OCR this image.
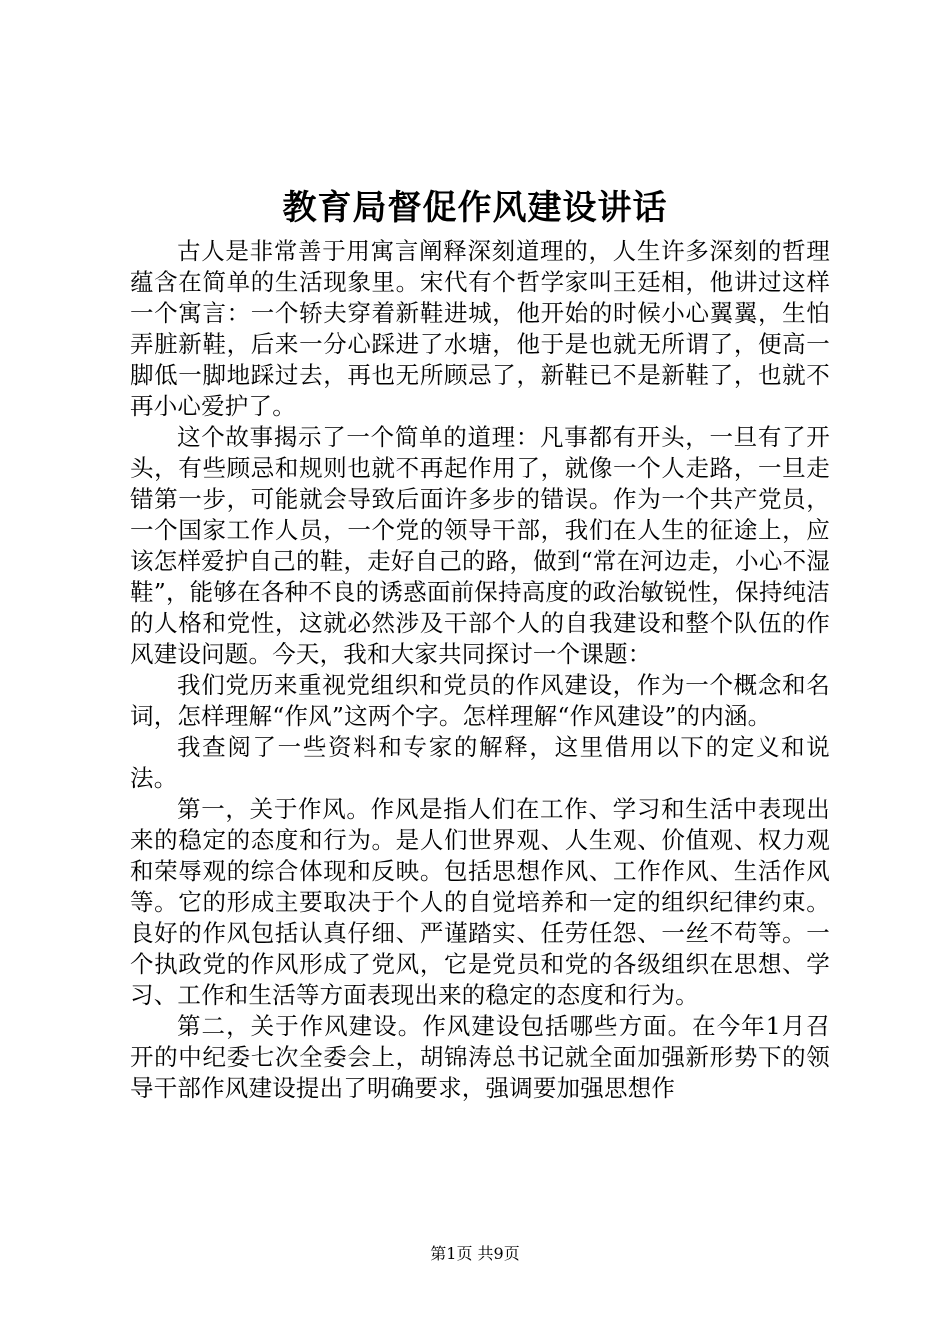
教育局督促作风建设讲话

古人是非常善于用寓言阐释深刻道理的，人生许多深刻的哲理蕴含在简单的生活现象里。宋代有个哲学家叫王廷相，他讲过这样一个寓言：一个轿夫穿着新鞋进城，他开始的时候小心翼翼，生怕弄脏新鞋，后来一分心踩进了水塘，他于是也就无所谓了，便高一脚低一脚地踩过去，再也无所顾忌了，新鞋已不是新鞋了，也就不再小心爱护了。

这个故事揭示了一个简单的道理：凡事都有开头，一旦有了开头，有些顾忌和规则也就不再起作用了，就像一个人走路，一旦走错第一步，可能就会导致后面许多步的错误。作为一个共产党员，一个国家工作人员，一个党的领导干部，我们在人生的征途上，应该怎样爱护自己的鞋，走好自己的路，做到“常在河边走，小心不湿鞋”，能够在各种不良的诱惑面前保持高度的政治敏锐性，保持纯洁的人格和党性，这就必然涉及干部个人的自我建设和整个队伍的作风建设问题。今天，我和大家共同探讨一个课题：

我们党历来重视党组织和党员的作风建设，作为一个概念和名词，怎样理解“作风”这两个字。怎样理解“作风建设”的内涵。

我查阅了一些资料和专家的解释，这里借用以下的定义和说法。

第一，关于作风。作风是指人们在工作、学习和生活中表现出来的稳定的态度和行为。是人们世界观、人生观、价值观、权力观和荣辱观的综合体现和反映。包括思想作风、工作作风、生活作风等。它的形成主要取决于个人的自觉培养和一定的组织纪律约束。良好的作风包括认真仔细、严谨踏实、任劳任怨、一丝不苟等。一个执政党的作风形成了党风，它是党员和党的各级组织在思想、学习、工作和生活等方面表现出来的稳定的态度和行为。

第二，关于作风建设。作风建设包括哪些方面。在今年1月召开的中纪委七次全委会上，胡锦涛总书记就全面加强新形势下的领导干部作风建设提出了明确要求，强调要加强思想作

第1页 共9页
